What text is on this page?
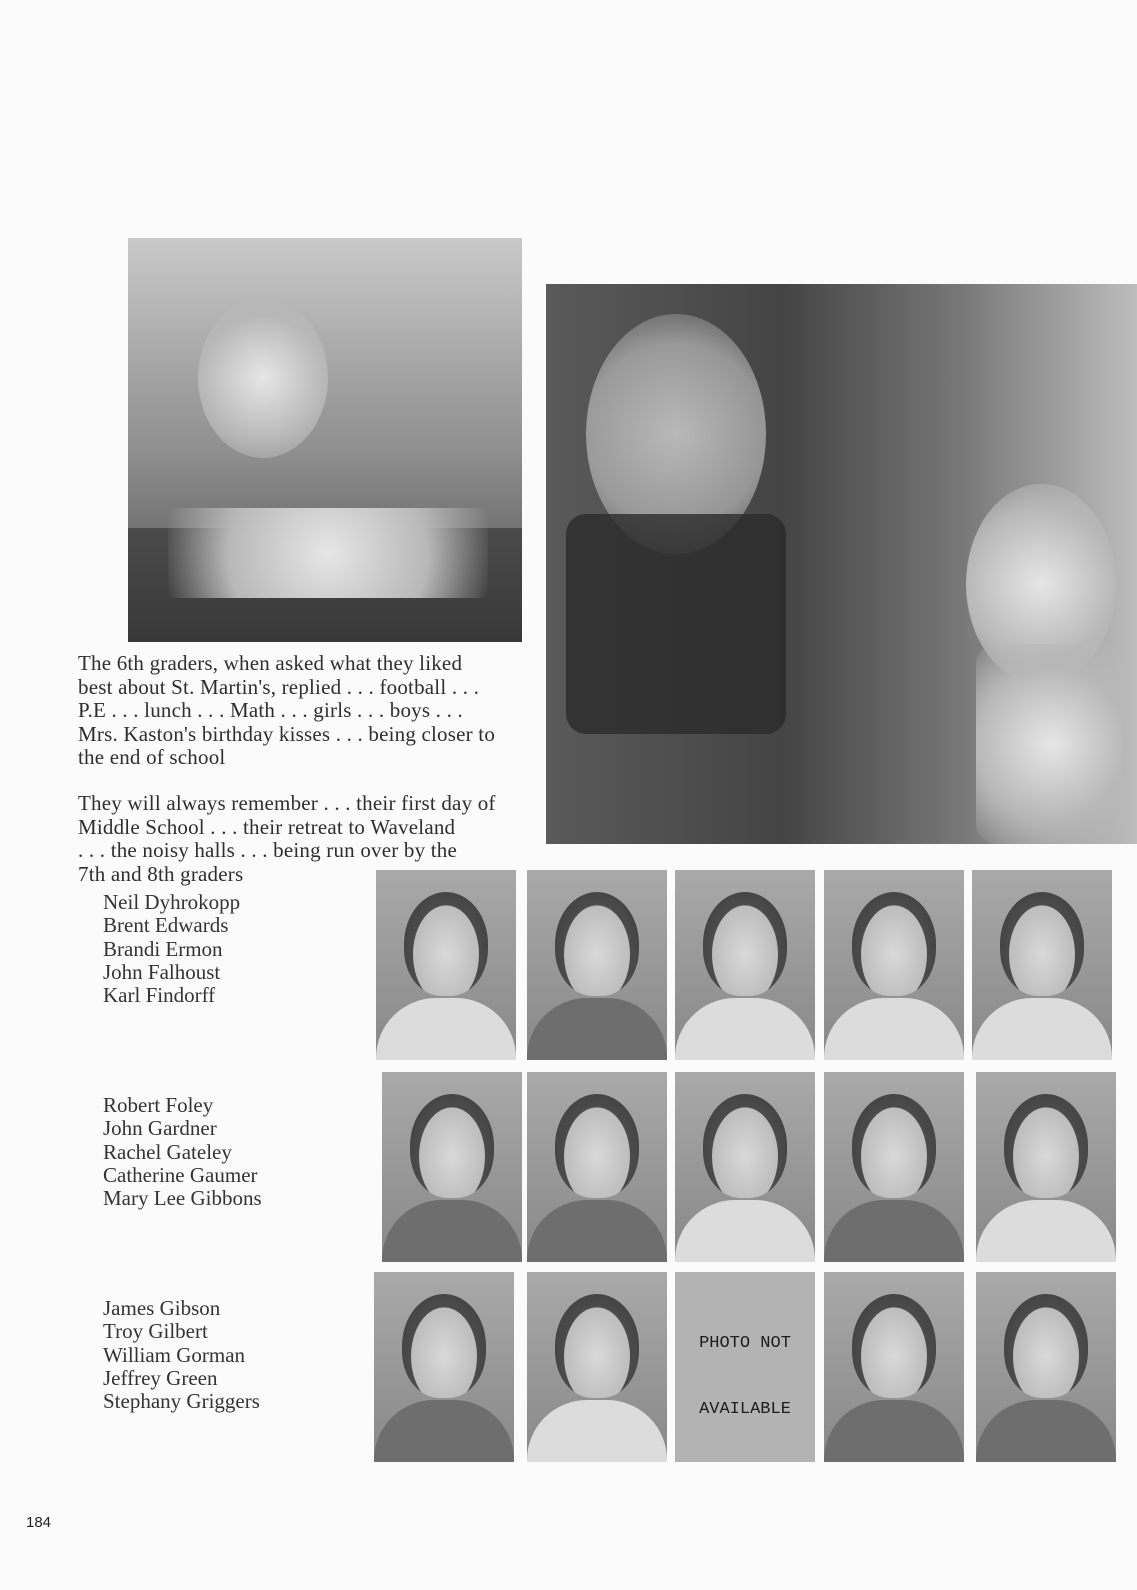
The 6th graders, when asked what they liked
best about St. Martin's, replied . . . football . . .
P.E . . . lunch . . . Math . . . girls . . . boys . . .
Mrs. Kaston's birthday kisses . . . being closer to
the end of school
They will always remember . . . their first day of
Middle School . . . their retreat to Waveland
. . . the noisy halls . . . being run over by the
7th and 8th graders
Neil Dyhrokopp
Brent Edwards
Brandi Ermon
John Falhoust
Karl Findorff
Robert Foley
John Gardner
Rachel Gateley
Catherine Gaumer
Mary Lee Gibbons
James Gibson
Troy Gilbert
William Gorman
Jeffrey Green
Stephany Griggers
PHOTO NOT
AVAILABLE
184
